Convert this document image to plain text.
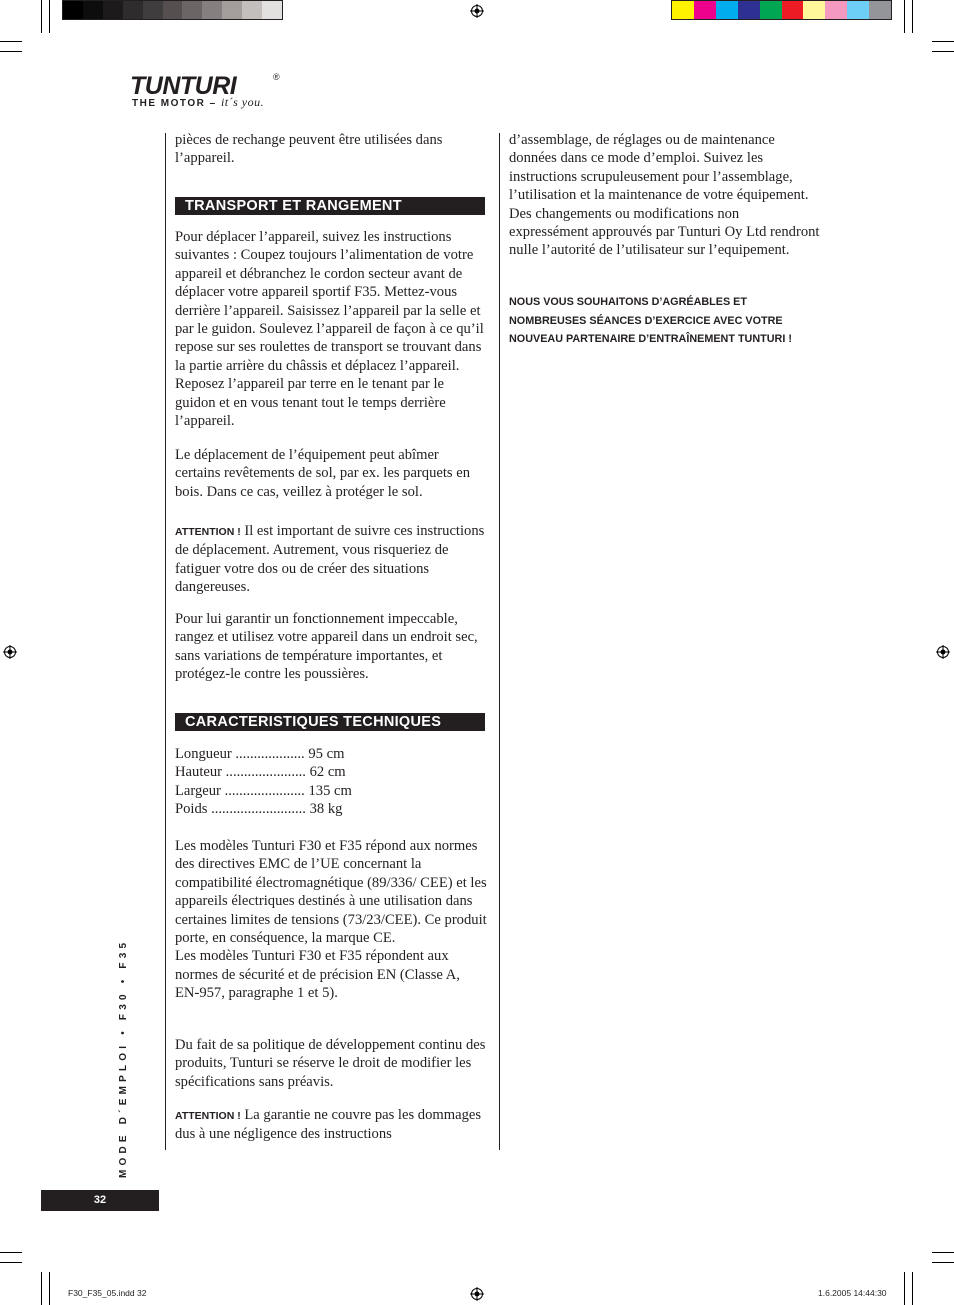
TUNTURI	®
THE MOTOR – it´s you.

pièces de rechange peuvent être utilisées dans l’appareil.

TRANSPORT ET RANGEMENT

Pour déplacer l’appareil, suivez les instructions suivantes : Coupez toujours l’alimentation de votre appareil et débranchez le cordon secteur avant de déplacer votre appareil sportif F35. Mettez-vous derrière l’appareil. Saisissez l’appareil par la selle et par le guidon. Soulevez l’appareil de façon à ce qu’il repose sur ses roulettes de transport se trouvant dans la partie arrière du châssis et déplacez l’appareil. Reposez l’appareil par terre en le tenant par le guidon et en vous tenant tout le temps derrière l’appareil.

Le déplacement de l’équipement peut abîmer certains revêtements de sol, par ex. les parquets en bois. Dans ce cas, veillez à protéger le sol.

ATTENTION ! Il est important de suivre ces instructions de déplacement. Autrement, vous risqueriez de fatiguer votre dos ou de créer des situations dangereuses.

Pour lui garantir un fonctionnement impeccable, rangez et utilisez votre appareil dans un endroit sec, sans variations de température importantes, et protégez-le contre les poussières.

CARACTERISTIQUES TECHNIQUES

Longueur ................... 95 cm

Hauteur ...................... 62 cm

Largeur ...................... 135 cm

Poids .......................... 38 kg

Les modèles Tunturi F30 et F35 répond aux normes des directives EMC de l’UE concernant la compatibilité électromagnétique (89/336/ CEE) et les appareils électriques destinés à une utilisation dans certaines limites de tensions (73/23/CEE). Ce produit porte, en conséquence, la marque CE.

Les modèles Tunturi F30 et F35 répondent aux normes de sécurité et de précision EN (Classe A, EN-957, paragraphe 1 et 5).

Du fait de sa politique de développement continu des produits, Tunturi se réserve le droit de modifier les spécifications sans préavis.

ATTENTION ! La garantie ne couvre pas les dommages dus à une négligence des instructions

d’assemblage, de réglages ou de maintenance données dans ce mode d’emploi. Suivez les instructions scrupuleusement pour l’assemblage, l’utilisation et la maintenance de votre équipement. Des changements ou modifications non expressément approuvés par Tunturi Oy Ltd rendront nulle l’autorité de l’utilisateur sur l’equipement.

NOUS VOUS SOUHAITONS D’AGRÉABLES ET
NOMBREUSES SÉANCES D’EXERCICE AVEC VOTRE
NOUVEAU PARTENAIRE D’ENTRAÎNEMENT TUNTURI !
MODE D´EMPLOI • F30 • F35
32
F30_F35_05.indd 32	1.6.2005 14:44:30
